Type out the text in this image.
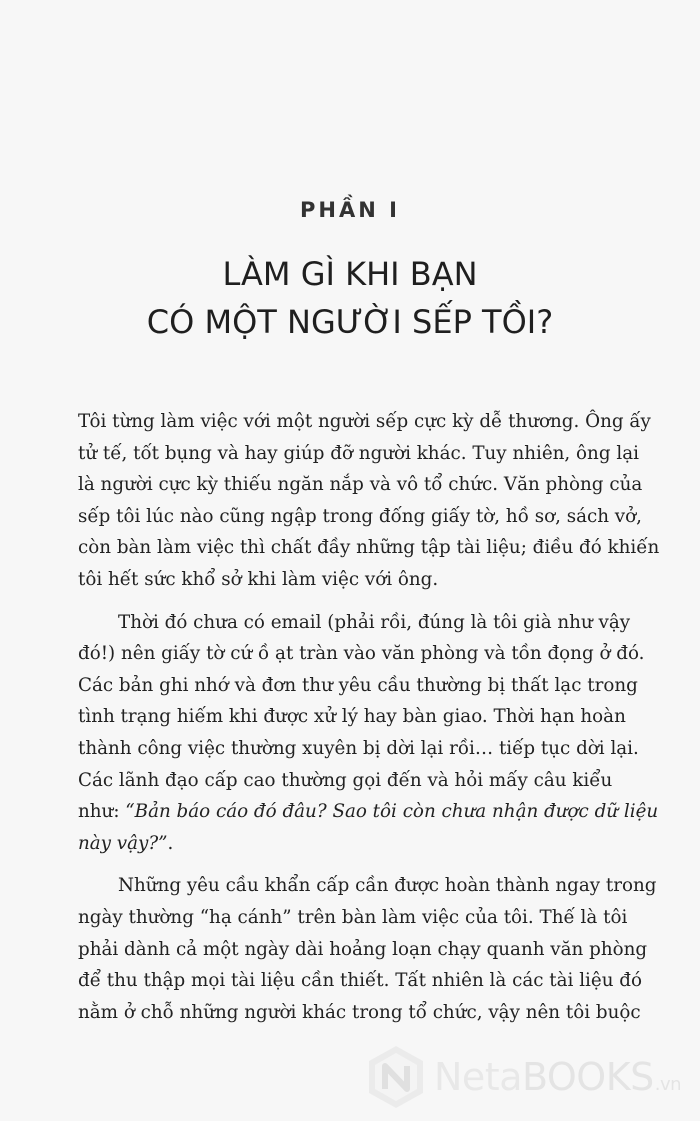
PHẦN I
LÀM GÌ KHI BẠN
CÓ MỘT NGƯỜI SẾP TỒI?
Tôi từng làm việc với một người sếp cực kỳ dễ thương. Ông ấy
tử tế, tốt bụng và hay giúp đỡ người khác. Tuy nhiên, ông lại
là người cực kỳ thiếu ngăn nắp và vô tổ chức. Văn phòng của
sếp tôi lúc nào cũng ngập trong đống giấy tờ, hồ sơ, sách vở,
còn bàn làm việc thì chất đầy những tập tài liệu; điều đó khiến
tôi hết sức khổ sở khi làm việc với ông.
Thời đó chưa có email (phải rồi, đúng là tôi già như vậy
đó!) nên giấy tờ cứ ồ ạt tràn vào văn phòng và tồn đọng ở đó.
Các bản ghi nhớ và đơn thư yêu cầu thường bị thất lạc trong
tình trạng hiếm khi được xử lý hay bàn giao. Thời hạn hoàn
thành công việc thường xuyên bị dời lại rồi… tiếp tục dời lại.
Các lãnh đạo cấp cao thường gọi đến và hỏi mấy câu kiểu
như: “Bản báo cáo đó đâu? Sao tôi còn chưa nhận được dữ liệu
này vậy?”.
Những yêu cầu khẩn cấp cần được hoàn thành ngay trong
ngày thường “hạ cánh” trên bàn làm việc của tôi. Thế là tôi
phải dành cả một ngày dài hoảng loạn chạy quanh văn phòng
để thu thập mọi tài liệu cần thiết. Tất nhiên là các tài liệu đó
nằm ở chỗ những người khác trong tổ chức, vậy nên tôi buộc
NetaBOOKS.vn
